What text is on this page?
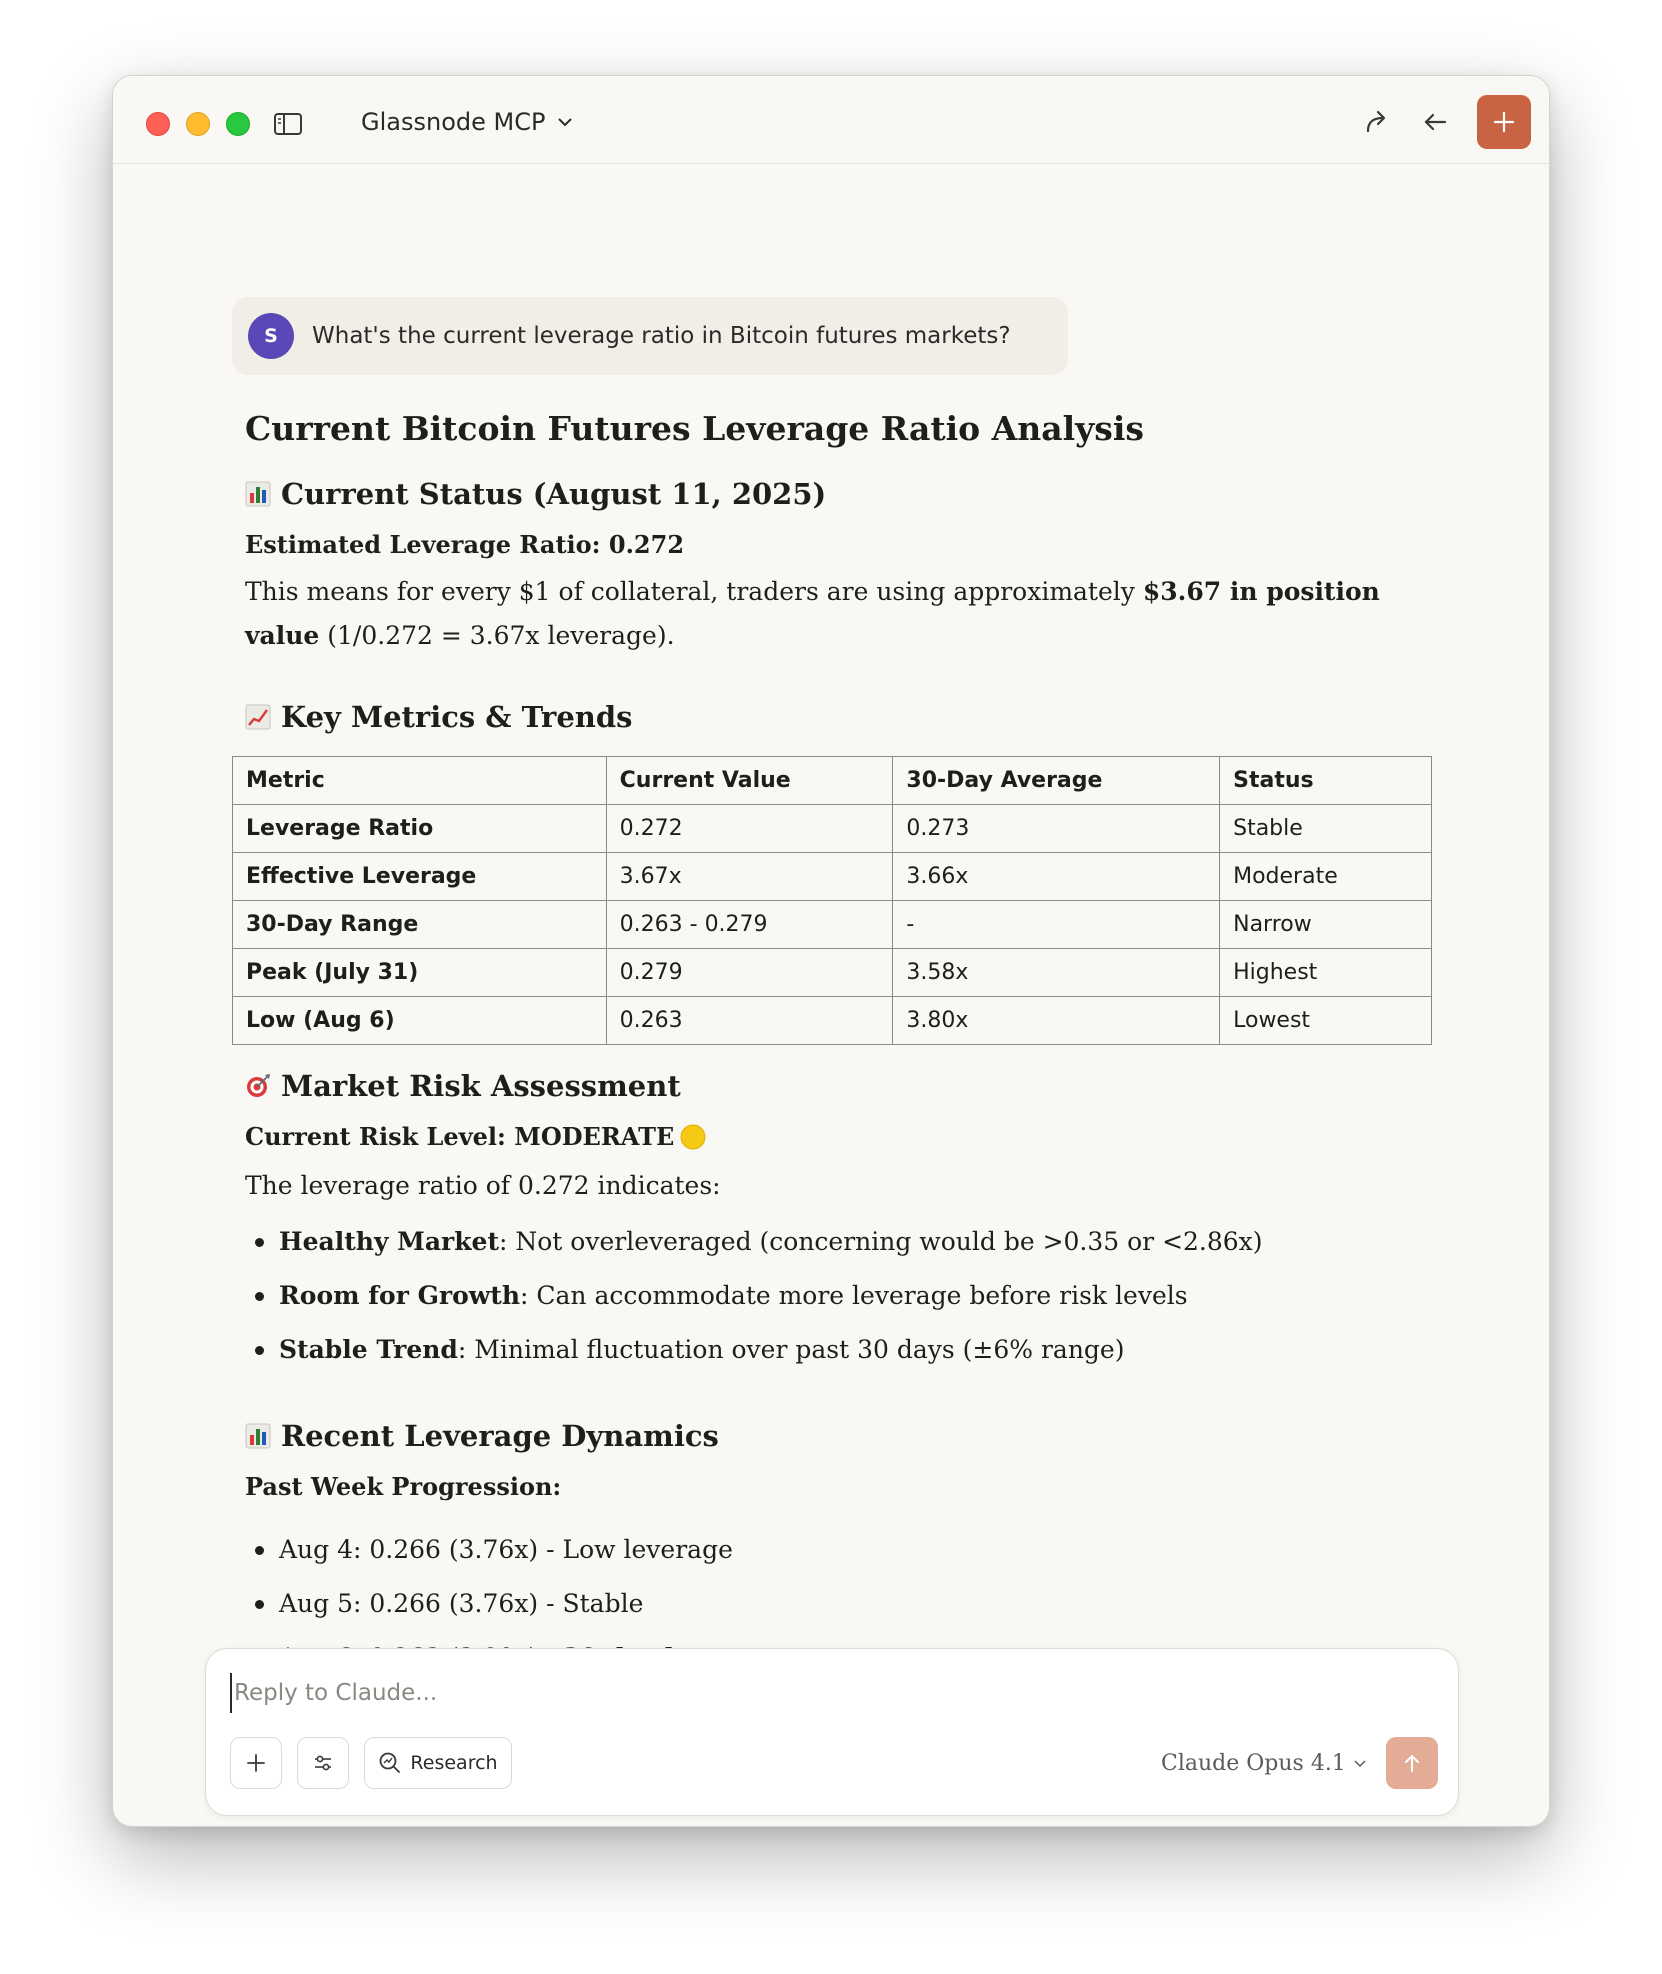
Glassnode MCP
S	What's the current leverage ratio in Bitcoin futures markets?
Current Bitcoin Futures Leverage Ratio Analysis
Current Status (August 11, 2025)
Estimated Leverage Ratio: 0.272
This means for every $1 of collateral, traders are using approximately $3.67 in position value (1/0.272 = 3.67x leverage).
Key Metrics & Trends
Metric	Current Value	30-Day Average	Status
Leverage Ratio	0.272	0.273	Stable
Effective Leverage	3.67x	3.66x	Moderate
30-Day Range	0.263 - 0.279	-	Narrow
Peak (July 31)	0.279	3.58x	Highest
Low (Aug 6)	0.263	3.80x	Lowest
Market Risk Assessment
Current Risk Level: MODERATE
The leverage ratio of 0.272 indicates:
Healthy Market: Not overleveraged (concerning would be >0.35 or <2.86x)
Room for Growth: Can accommodate more leverage before risk levels
Stable Trend: Minimal fluctuation over past 30 days (±6% range)
Recent Leverage Dynamics
Past Week Progression:
Aug 4: 0.266 (3.76x) - Low leverage
Aug 5: 0.266 (3.76x) - Stable
Reply to Claude...
Research	Claude Opus 4.1
